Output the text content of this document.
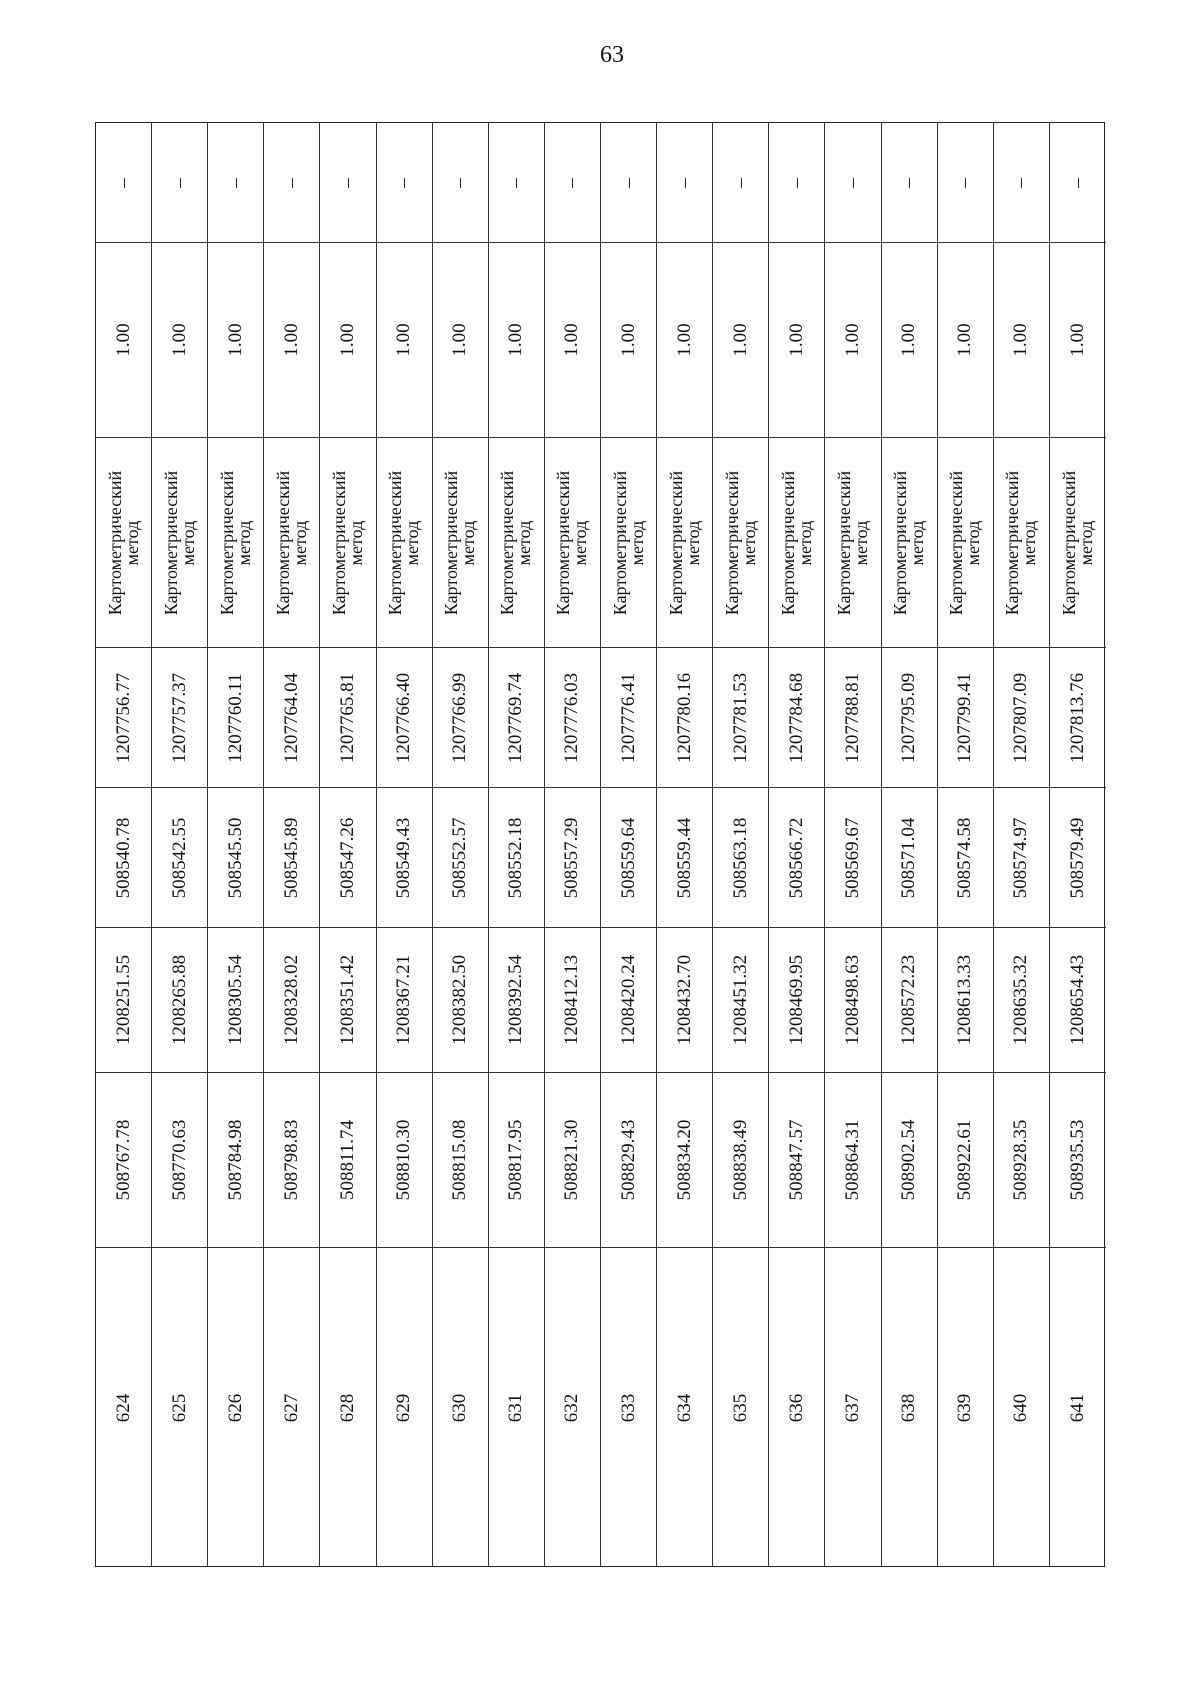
63
–
1.00
Картометрический
метод
1207756.77
508540.78
1208251.55
508767.78
624
–
1.00
Картометрический
метод
1207757.37
508542.55
1208265.88
508770.63
625
–
1.00
Картометрический
метод
1207760.11
508545.50
1208305.54
508784.98
626
–
1.00
Картометрический
метод
1207764.04
508545.89
1208328.02
508798.83
627
–
1.00
Картометрический
метод
1207765.81
508547.26
1208351.42
508811.74
628
–
1.00
Картометрический
метод
1207766.40
508549.43
1208367.21
508810.30
629
–
1.00
Картометрический
метод
1207766.99
508552.57
1208382.50
508815.08
630
–
1.00
Картометрический
метод
1207769.74
508552.18
1208392.54
508817.95
631
–
1.00
Картометрический
метод
1207776.03
508557.29
1208412.13
508821.30
632
–
1.00
Картометрический
метод
1207776.41
508559.64
1208420.24
508829.43
633
–
1.00
Картометрический
метод
1207780.16
508559.44
1208432.70
508834.20
634
–
1.00
Картометрический
метод
1207781.53
508563.18
1208451.32
508838.49
635
–
1.00
Картометрический
метод
1207784.68
508566.72
1208469.95
508847.57
636
–
1.00
Картометрический
метод
1207788.81
508569.67
1208498.63
508864.31
637
–
1.00
Картометрический
метод
1207795.09
508571.04
1208572.23
508902.54
638
–
1.00
Картометрический
метод
1207799.41
508574.58
1208613.33
508922.61
639
–
1.00
Картометрический
метод
1207807.09
508574.97
1208635.32
508928.35
640
–
1.00
Картометрический
метод
1207813.76
508579.49
1208654.43
508935.53
641
